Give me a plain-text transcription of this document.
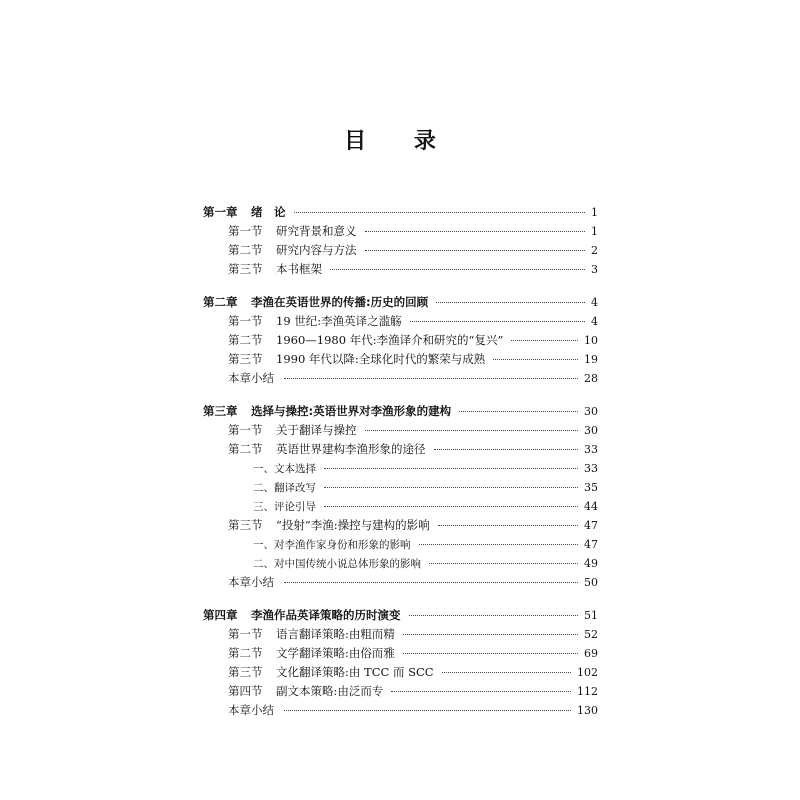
目 录
第一章	绪　论	1
第一节	研究背景和意义	1
第二节	研究内容与方法	2
第三节	本书框架	3
第二章	李渔在英语世界的传播:历史的回顾	4
第一节	19 世纪:李渔英译之滥觞	4
第二节	1960—1980 年代:李渔译介和研究的“复兴”	10
第三节	1990 年代以降:全球化时代的繁荣与成熟	19
本章小结	28
第三章	选择与操控:英语世界对李渔形象的建构	30
第一节	关于翻译与操控	30
第二节	英语世界建构李渔形象的途径	33
一、文本选择	33
二、翻译改写	35
三、评论引导	44
第三节	“投射”李渔:操控与建构的影响	47
一、对李渔作家身份和形象的影响	47
二、对中国传统小说总体形象的影响	49
本章小结	50
第四章	李渔作品英译策略的历时演变	51
第一节	语言翻译策略:由粗而精	52
第二节	文学翻译策略:由俗而雅	69
第三节	文化翻译策略:由 TCC 而 SCC	102
第四节	副文本策略:由泛而专	112
本章小结	130
